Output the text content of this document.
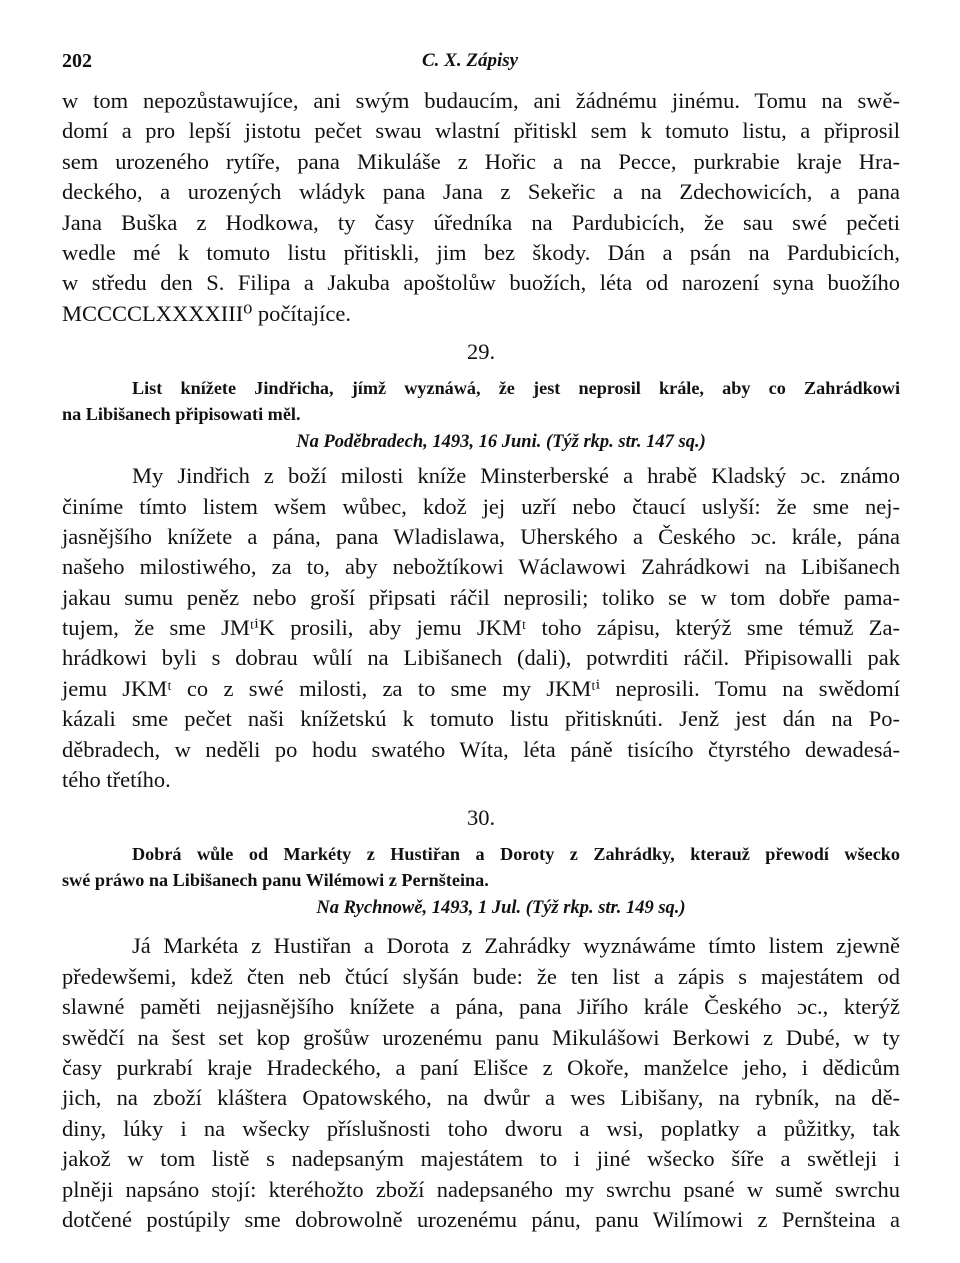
202	C. X. Zápisy
w tom nepozůstawujíce, ani swým budaucím, ani žádnému jinému. Tomu na swě-
domí a pro lepší jistotu pečet swau wlastní přitiskl sem k tomuto listu, a připrosil
sem urozeného rytíře, pana Mikuláše z Hořic a na Pecce, purkrabie kraje Hra-
deckého, a urozených wládyk pana Jana z Sekeřic a na Zdechowicích, a pana
Jana Buška z Hodkowa, ty časy úředníka na Pardubicích, že sau swé pečeti
wedle mé k tomuto listu přitiskli, jim bez škody. Dán a psán na Pardubicích,
w středu den S. Filipa a Jakuba apoštolůw buožích, léta od narození syna buožího
MCCCCLXXXXIII⁰ počítajíce.
29.
List knížete Jindřicha, jímž wyznáwá, že jest neprosil krále, aby co Zahrádkowi
na Libišanech připisowati měl.
Na Poděbradech, 1493, 16 Juni. (Týž rkp. str. 147 sq.)
My Jindřich z boží milosti kníže Minsterberské a hrabě Kladský ɔc. známo
činíme tímto listem wšem wůbec, kdož jej uzří nebo čtaucí uslyší: že sme nej-
jasnějšího knížete a pána, pana Wladislawa, Uherského a Českého ɔc. krále, pána
našeho milostiwého, za to, aby nebožtíkowi Wáclawowi Zahrádkowi na Libišanech
jakau sumu peněz nebo groší připsati ráčil neprosili; toliko se w tom dobře pama-
tujem, že sme JMᵗⁱK prosili, aby jemu JKMᵗ toho zápisu, kterýž sme témuž Za-
hrádkowi byli s dobrau wůlí na Libišanech (dali), potwrditi ráčil. Připisowalli pak
jemu JKMᵗ co z swé milosti, za to sme my JKMᵗⁱ neprosili. Tomu na swědomí
kázali sme pečet naši knížetskú k tomuto listu přitisknúti. Jenž jest dán na Po-
děbradech, w neděli po hodu swatého Wíta, léta páně tisícího čtyrstého dewadesá-
tého třetího.
30.
Dobrá wůle od Markéty z Hustiřan a Doroty z Zahrádky, kterauž přewodí wšecko
swé práwo na Libišanech panu Wilémowi z Pernšteina.
Na Rychnowě, 1493, 1 Jul. (Týž rkp. str. 149 sq.)
Já Markéta z Hustiřan a Dorota z Zahrádky wyznáwáme tímto listem zjewně
předewšemi, kdež čten neb čtúcí slyšán bude: že ten list a zápis s majestátem od
slawné paměti nejjasnějšího knížete a pána, pana Jiřího krále Českého ɔc., kterýž
swědčí na šest set kop grošůw urozenému panu Mikulášowi Berkowi z Dubé, w ty
časy purkrabí kraje Hradeckého, a paní Elišce z Okoře, manželce jeho, i dědicům
jich, na zboží kláštera Opatowského, na dwůr a wes Libišany, na rybník, na dě-
diny, lúky i na wšecky příslušnosti toho dworu a wsi, poplatky a půžitky, tak
jakož w tom listě s nadepsaným majestátem to i jiné wšecko šíře a swětleji i
plněji napsáno stojí: kteréhožto zboží nadepsaného my swrchu psané w sumě swrchu
dotčené postúpily sme dobrowolně urozenému pánu, panu Wilímowi z Pernšteina a
